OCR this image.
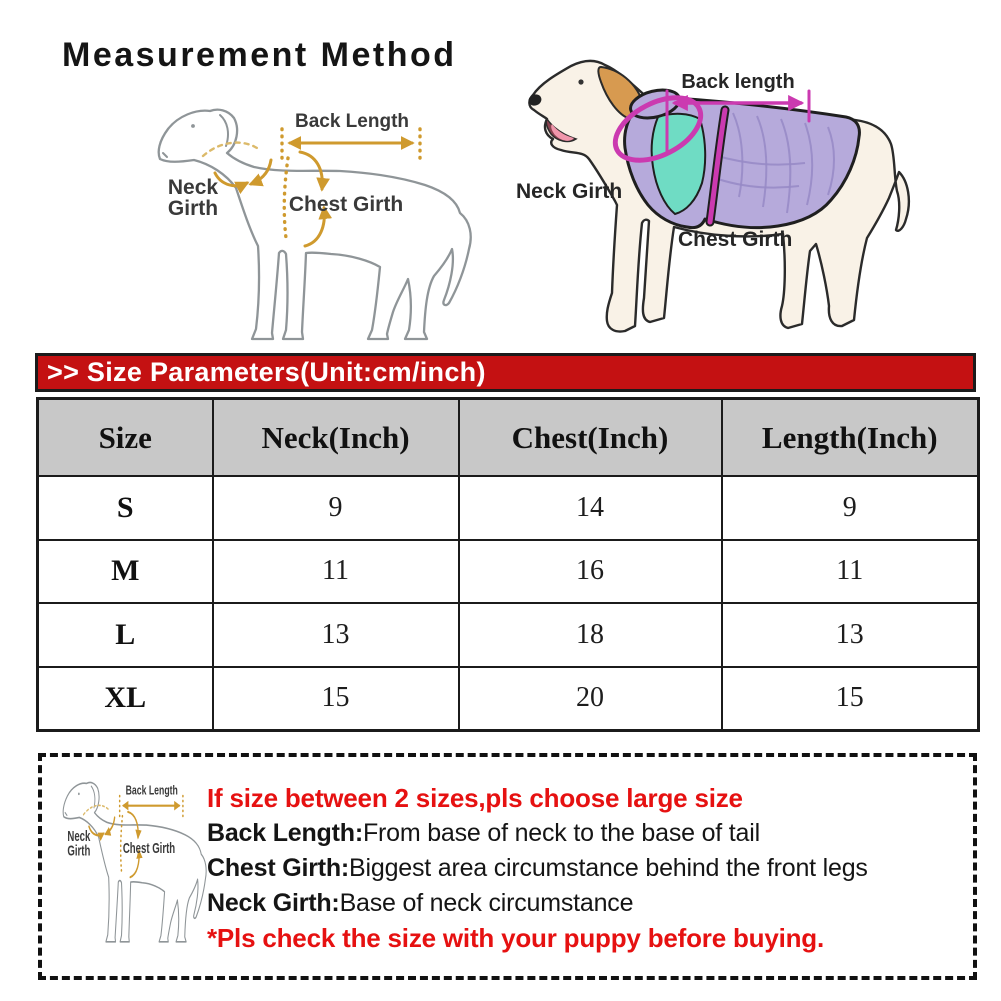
Measurement Method
Back Length
Neck
Girth	Chest Girth
Back length
Neck Girth
Chest Girth
>> Size Parameters(Unit:cm/inch)
Size	Neck(Inch)	Chest(Inch)	Length(Inch)
S	9	14	9
M	11	16	11
L	13	18	13
XL	15	20	15
Back Length
Neck
Girth Chest Girth
If size between 2 sizes,pls choose large size
Back Length:From base of neck to the base of tail
Chest Girth:Biggest area circumstance behind the front legs
Neck Girth:Base of neck circumstance
*Pls check the size with your puppy before buying.
